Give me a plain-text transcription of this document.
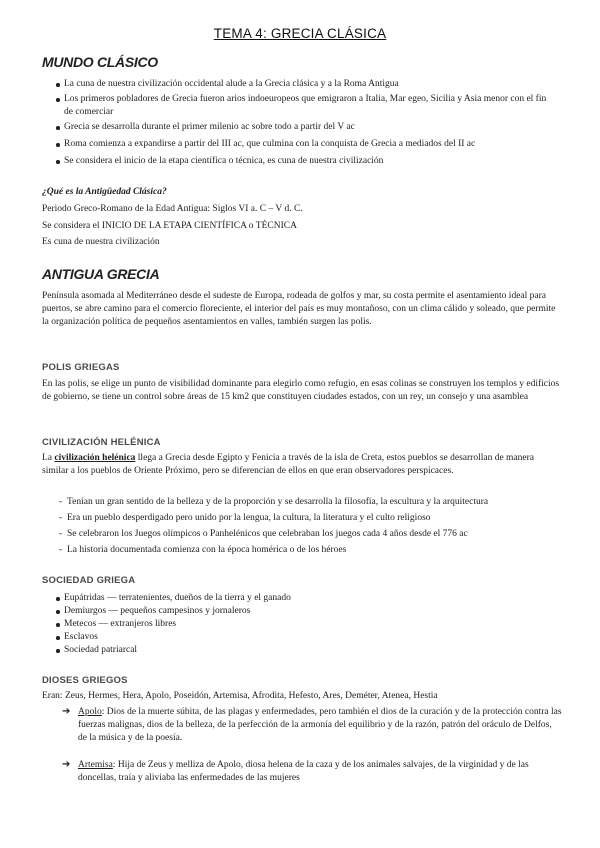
TEMA 4: GRECIA CLÁSICA
MUNDO CLÁSICO
La cuna de nuestra civilización occidental alude a la Grecia clásica y a la Roma Antigua
Los primeros pobladores de Grecia fueron arios indoeuropeos que emigraron a Italia, Mar egeo, Sicilia y Asia menor con el fin de comerciar
Grecia se desarrolla durante el primer milenio ac sobre todo a partir del V ac
Roma comienza a expandirse a partir del III ac, que culmina con la conquista de Grecia a mediados del II ac
Se considera el inicio de la etapa científica o técnica, es cuna de nuestra civilización
¿Qué es la Antigüedad Clásica?
Periodo Greco-Romano de la Edad Antigua: Siglos VI a. C – V d. C.
Se considera el INICIO DE LA ETAPA CIENTÍFICA o TÉCNICA
Es cuna de nuestra civilización
ANTIGUA GRECIA

Península asomada al Mediterráneo desde el sudeste de Europa, rodeada de golfos y mar, su costa permite el asentamiento ideal para puertos, se abre camino para el comercio floreciente, el interior del país es muy montañoso, con un clima cálido y soleado, que permite la organización política de pequeños asentamientos en valles, también surgen las polis.

POLIS GRIEGAS

En las polis, se elige un punto de visibilidad dominante para elegirlo como refugio, en esas colinas se construyen los templos y edificios de gobierno, se tiene un control sobre áreas de 15 km2 que constituyen ciudades estados, con un rey, un consejo y una asamblea

CIVILIZACIÓN HELÉNICA

La civilización helénica llega a Grecia desde Egipto y Fenicia a través de la isla de Creta, estos pueblos se desarrollan de manera similar a los pueblos de Oriente Próximo, pero se diferencian de ellos en que eran observadores perspicaces.

- Tenían un gran sentido de la belleza y de la proporción y se desarrolla la filosofía, la escultura y la arquitectura
- Era un pueblo desperdigado pero unido por la lengua, la cultura, la literatura y el culto religioso
- Se celebraron los Juegos olímpicos o Panhelénicos que celebraban los juegos cada 4 años desde el 776 ac
- La historia documentada comienza con la época homérica o de los héroes
SOCIEDAD GRIEGA
Eupátridas — terratenientes, dueños de la tierra y el ganado
Demiurgos — pequeños campesinos y jornaleros
Metecos — extranjeros libres
Esclavos
Sociedad patriarcal
DIOSES GRIEGOS
Eran: Zeus, Hermes, Hera, Apolo, Poseidón, Artemisa, Afrodita, Hefesto, Ares, Deméter, Atenea, Hestia
➔ Apolo: Dios de la muerte súbita, de las plagas y enfermedades, pero también el dios de la curación y de la protección contra las fuerzas malignas, dios de la belleza, de la perfección de la armonía del equilibrio y de la razón, patrón del oráculo de Delfos, de la música y de la poesía.
➔ Artemisa: Hija de Zeus y melliza de Apolo, diosa helena de la caza y de los animales salvajes, de la virginidad y de las doncellas, traía y aliviaba las enfermedades de las mujeres
